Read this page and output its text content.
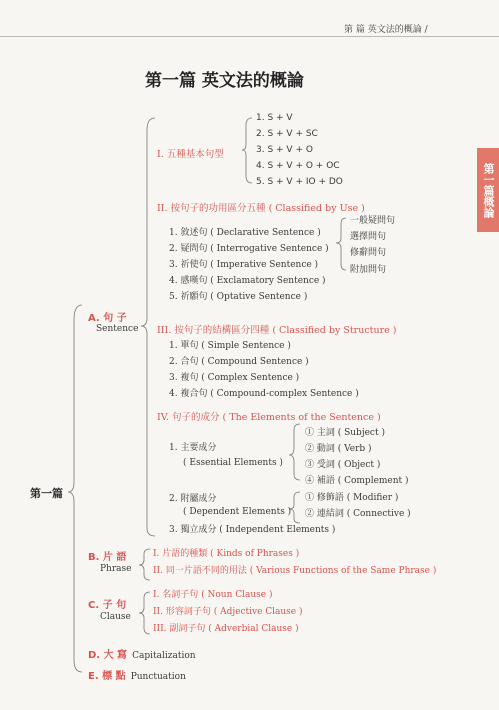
第 篇 英文法的概論 /
第一篇概論
第一篇 英文法的概論
第一篇
A. 句 子
Sentence
I. 五種基本句型
1. S + V
2. S + V + SC
3. S + V + O
4. S + V + O + OC
5. S + V + IO + DO
II. 按句子的功用區分五種 ( Classified by Use )
1. 敘述句 ( Declarative Sentence )
2. 疑問句 ( Interrogative Sentence )
3. 祈使句 ( Imperative Sentence )
4. 感嘆句 ( Exclamatory Sentence )
5. 祈願句 ( Optative Sentence )
一般疑問句
選擇問句
修辭問句
附加問句
III. 按句子的結構區分四種 ( Classified by Structure )
1. 單句 ( Simple Sentence )
2. 合句 ( Compound Sentence )
3. 複句 ( Complex Sentence )
4. 複合句 ( Compound-complex Sentence )
IV. 句子的成分 ( The Elements of the Sentence )
1. 主要成分
( Essential Elements )
① 主詞 ( Subject )
② 動詞 ( Verb )
③ 受詞 ( Object )
④ 補語 ( Complement )
2. 附屬成分
( Dependent Elements )
① 修飾語 ( Modifier )
② 連結詞 ( Connective )
3. 獨立成分 ( Independent Elements )
B. 片 語
Phrase
I. 片語的種類 ( Kinds of Phrases )
II. 同一片語不同的用法 ( Various Functions of the Same Phrase )
C. 子 句
Clause
I. 名詞子句 ( Noun Clause )
II. 形容詞子句 ( Adjective Clause )
III. 副詞子句 ( Adverbial Clause )
D. 大 寫 Capitalization
E. 標 點 Punctuation
